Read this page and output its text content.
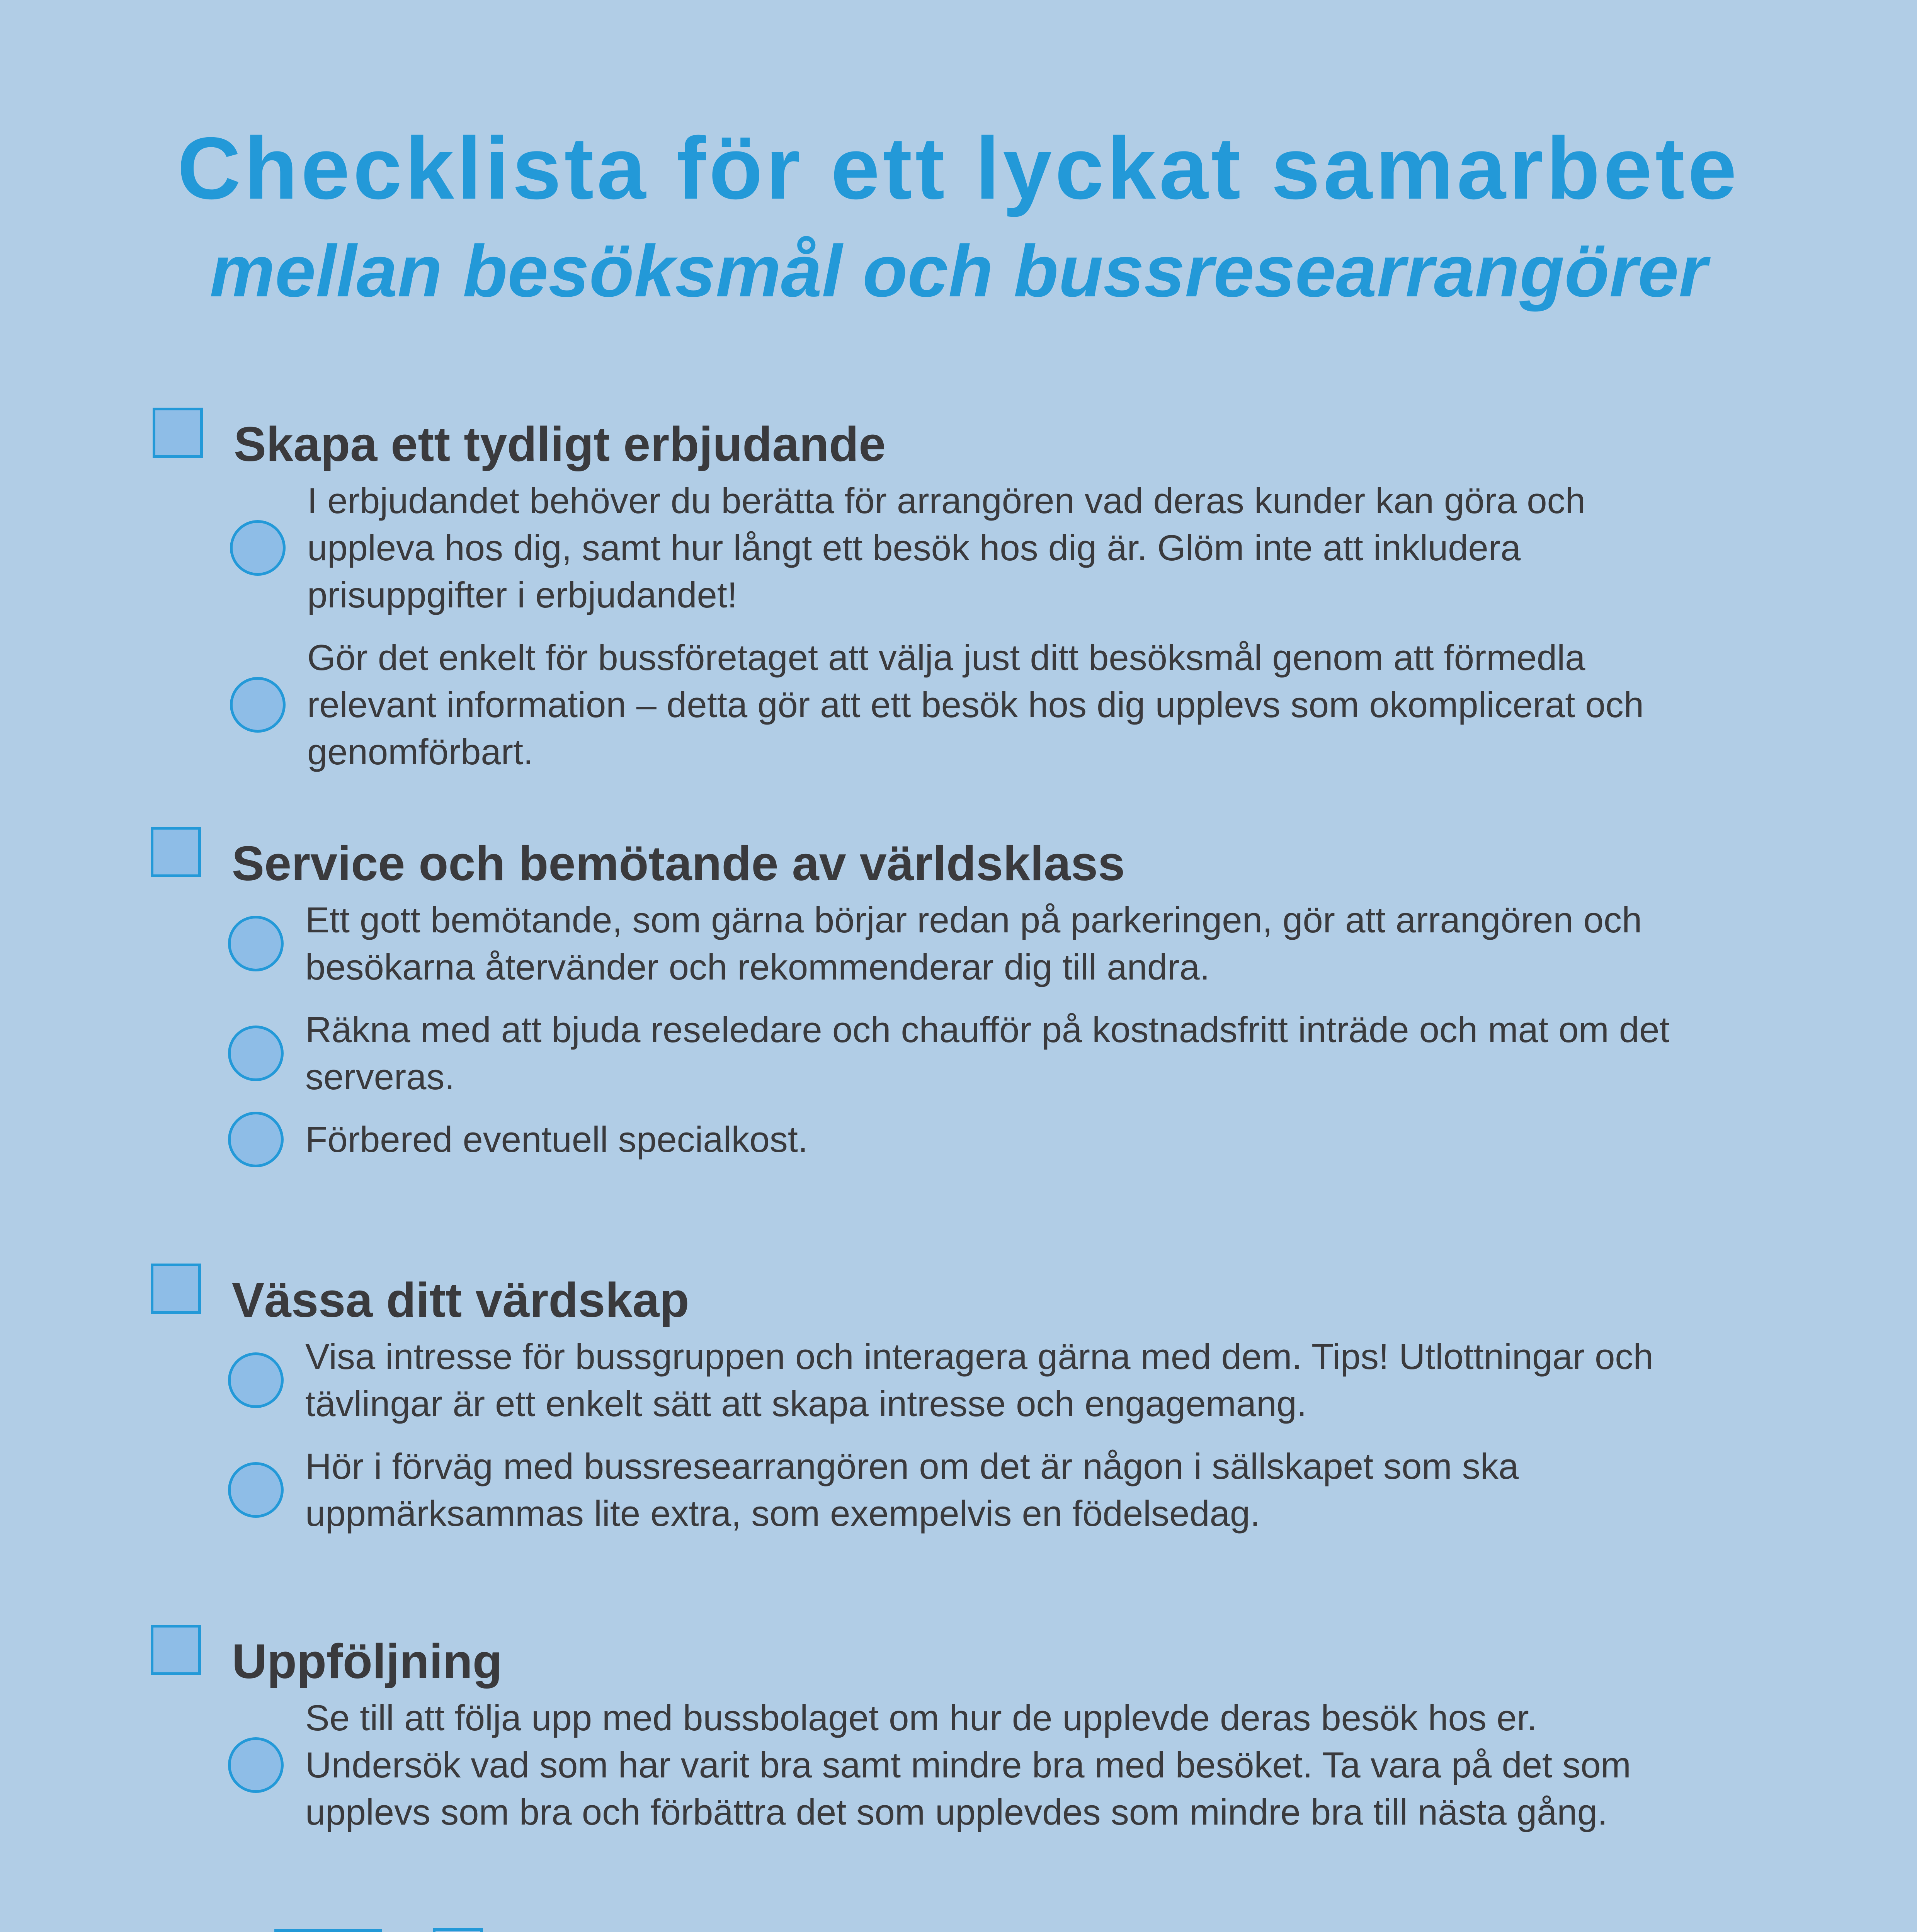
Checklista för ett lyckat samarbete
mellan besöksmål och bussresearrangörer
Skapa ett tydligt erbjudande
I erbjudandet behöver du berätta för arrangören vad deras kunder kan göra och uppleva hos dig, samt hur långt ett besök hos dig är. Glöm inte att inkludera prisuppgifter i erbjudandet!
Gör det enkelt för bussföretaget att välja just ditt besöksmål genom att förmedla relevant information – detta gör att ett besök hos dig upplevs som okomplicerat och genomförbart.
Service och bemötande av världsklass
Ett gott bemötande, som gärna börjar redan på parkeringen, gör att arrangören och besökarna återvänder och rekommenderar dig till andra.
Räkna med att bjuda reseledare och chaufför på kostnadsfritt inträde och mat om det serveras.
Förbered eventuell specialkost.
Vässa ditt värdskap
Visa intresse för bussgruppen och interagera gärna med dem. Tips! Utlottningar och tävlingar är ett enkelt sätt att skapa intresse och engagemang.
Hör i förväg med bussresearrangören om det är någon i sällskapet som ska uppmärksammas lite extra, som exempelvis en födelsedag.
Uppföljning
Se till att följa upp med bussbolaget om hur de upplevde deras besök hos er. Undersök vad som har varit bra samt mindre bra med besöket. Ta vara på det som upplevs som bra och förbättra det som upplevdes som mindre bra till nästa gång.
